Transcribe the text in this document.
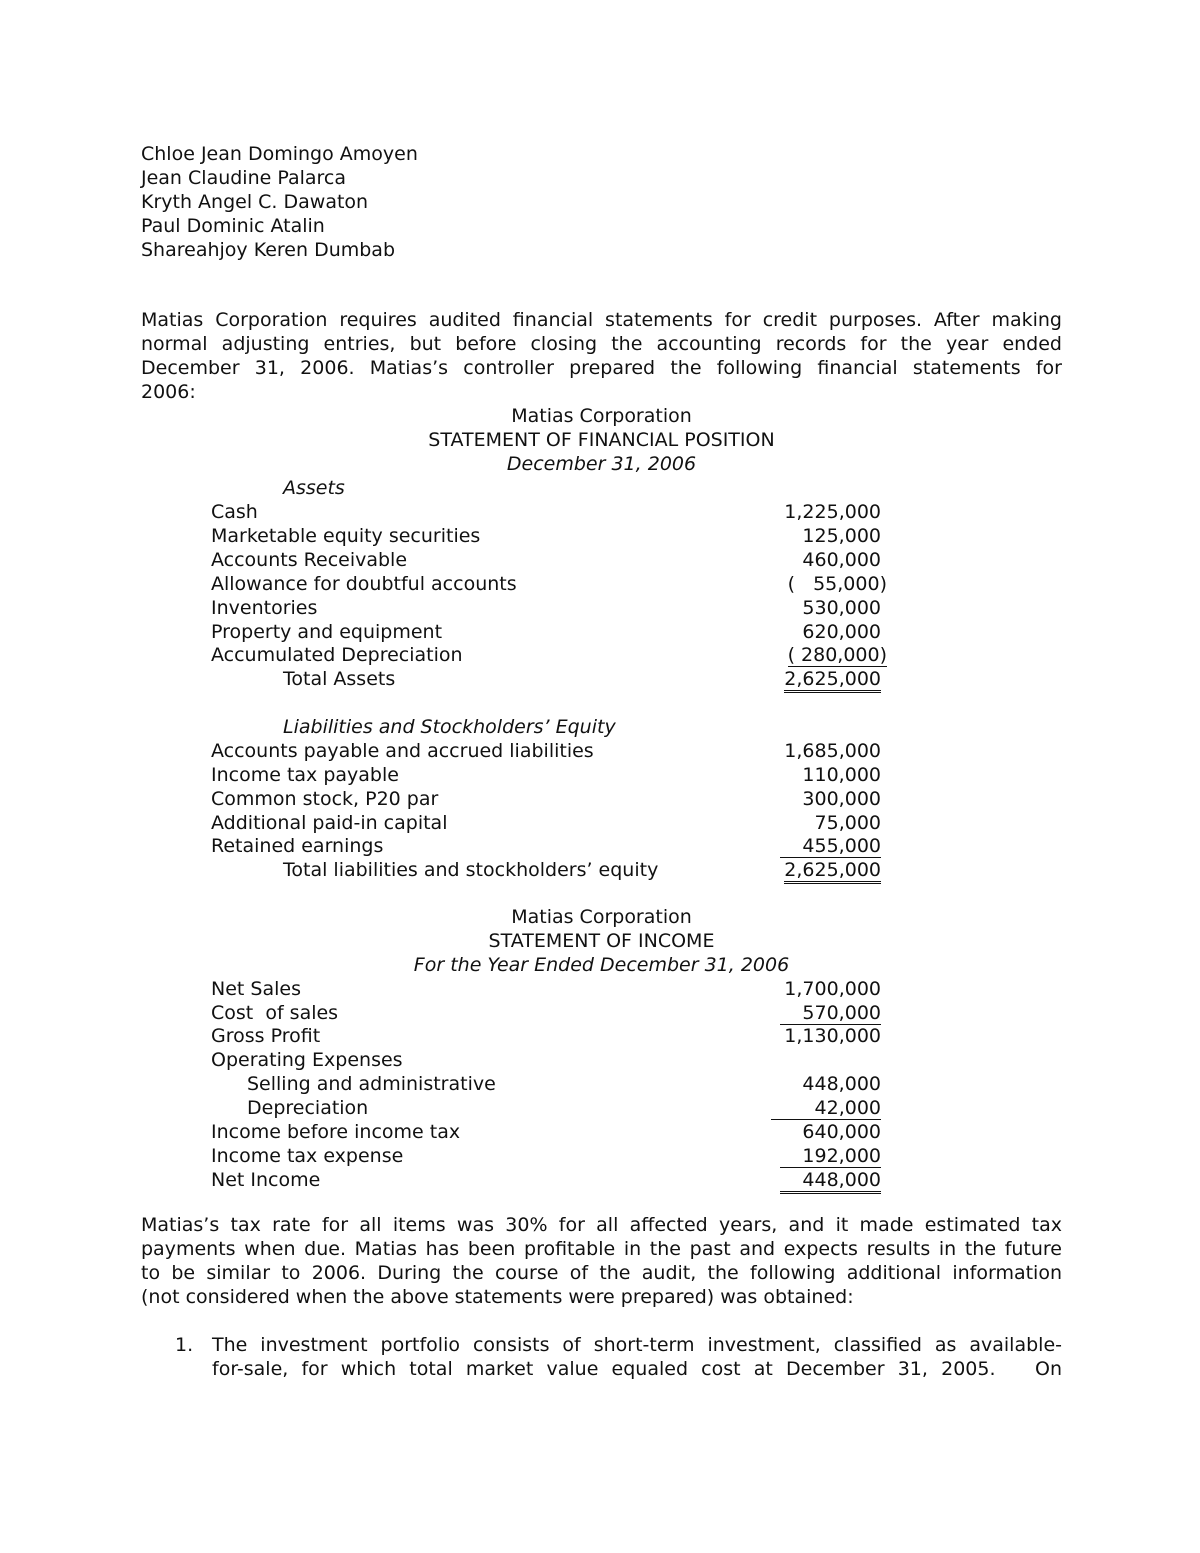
Chloe Jean Domingo Amoyen
Jean Claudine Palarca
Kryth Angel C. Dawaton
Paul Dominic Atalin
Shareahjoy Keren Dumbab
Matias Corporation requires audited financial statements for credit purposes. After making
normal adjusting entries, but before closing the accounting records for the year ended
December 31, 2006. Matias’s controller prepared the following financial statements for
2006:
Matias Corporation
STATEMENT OF FINANCIAL POSITION
December 31, 2006
Assets
Cash	1,225,000
Marketable equity securities	125,000
Accounts Receivable	460,000
Allowance for doubtful accounts	(   55,000)
Inventories	530,000
Property and equipment	620,000
Accumulated Depreciation	( 280,000)
Total Assets	2,625,000
Liabilities and Stockholders’ Equity
Accounts payable and accrued liabilities	1,685,000
Income tax payable	110,000
Common stock, P20 par	300,000
Additional paid-in capital	75,000
Retained earnings	455,000
Total liabilities and stockholders’ equity	2,625,000
Matias Corporation
STATEMENT OF INCOME
For the Year Ended December 31, 2006
Net Sales	1,700,000
Cost  of sales	570,000
Gross Profit	1,130,000
Operating Expenses
Selling and administrative	448,000
Depreciation	42,000
Income before income tax	640,000
Income tax expense	192,000
Net Income	448,000
Matias’s tax rate for all items was 30% for all affected years, and it made estimated tax
payments when due. Matias has been profitable in the past and expects results in the future
to be similar to 2006. During the course of the audit, the following additional information
(not considered when the above statements were prepared) was obtained:
1. The investment portfolio consists of short-term investment, classified as available-
for-sale, for which total market value equaled cost at December 31, 2005.   On
